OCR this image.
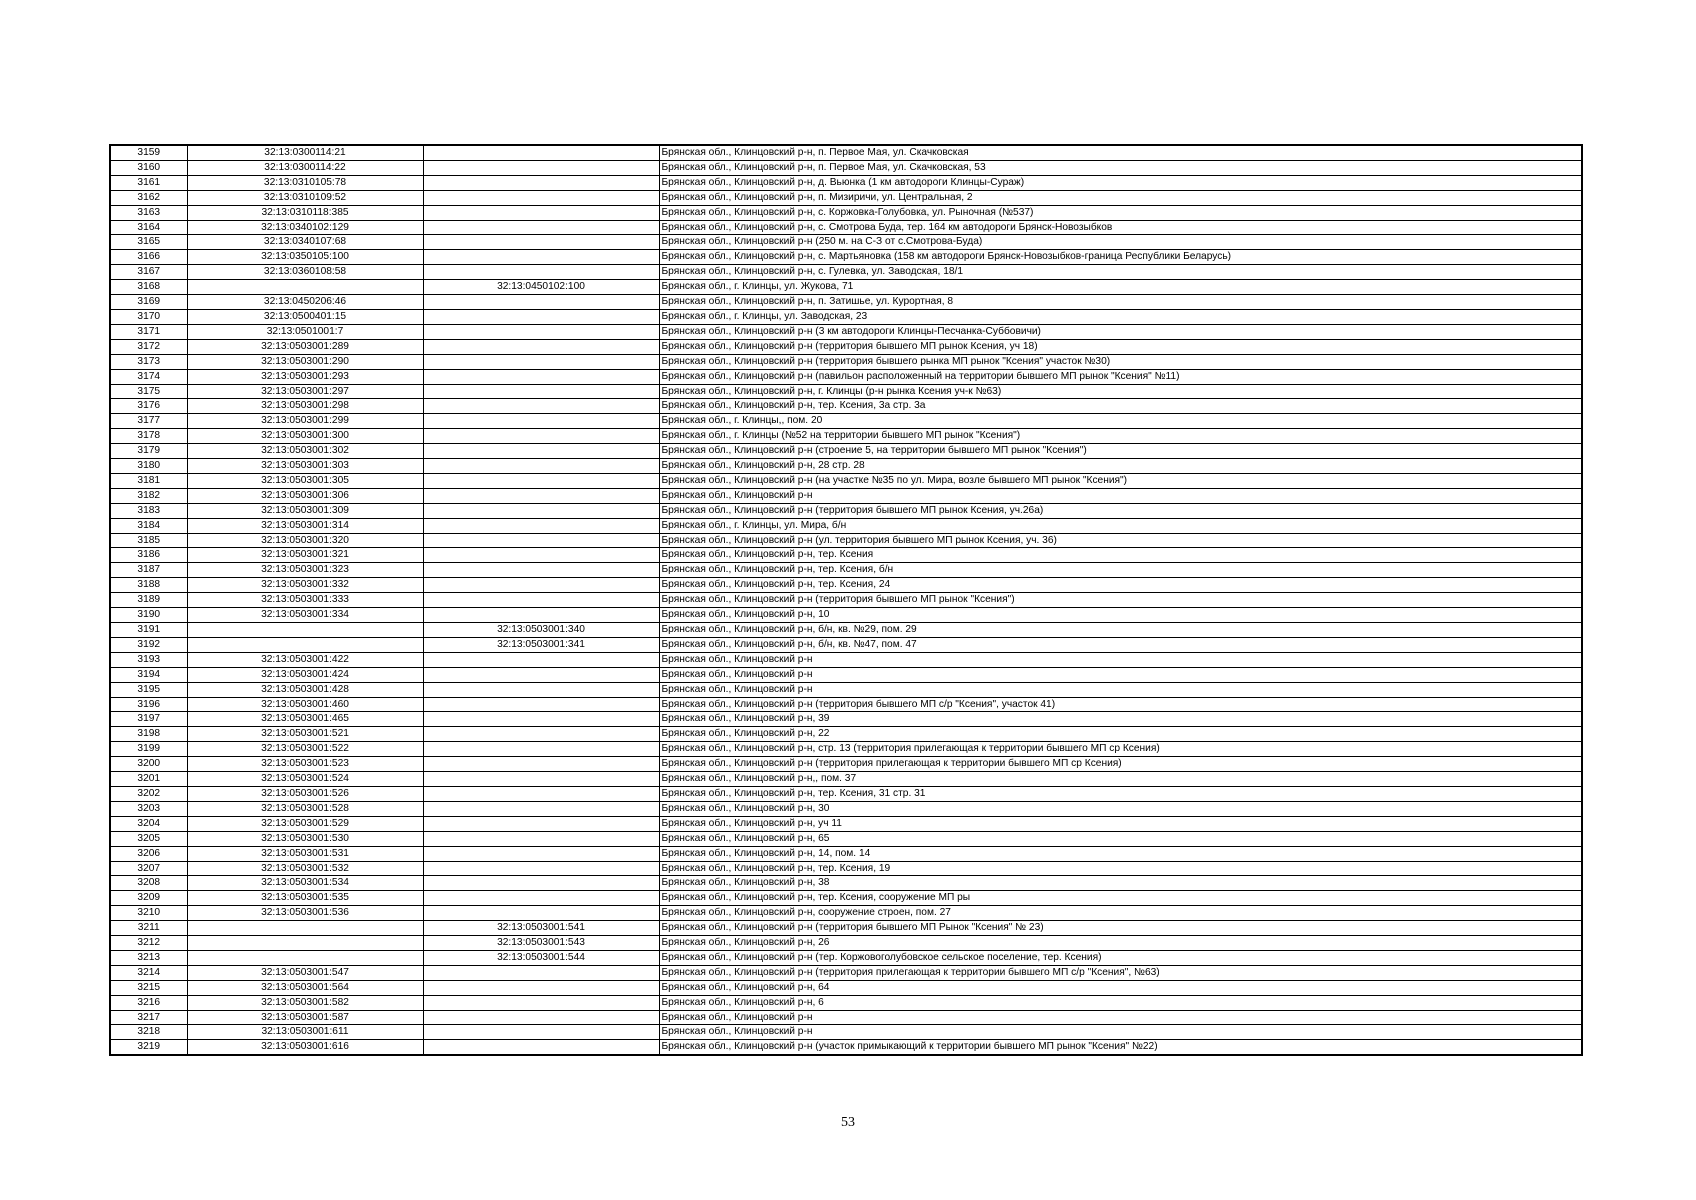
3159	32:13:0300114:21		Брянская обл., Клинцовский р-н, п. Первое Мая, ул. Скачковская
3160	32:13:0300114:22		Брянская обл., Клинцовский р-н, п. Первое Мая, ул. Скачковская, 53
3161	32:13:0310105:78		Брянская обл., Клинцовский р-н, д. Вьюнка (1 км автодороги Клинцы-Сураж)
3162	32:13:0310109:52		Брянская обл., Клинцовский р-н, п. Мизиричи, ул. Центральная, 2
3163	32:13:0310118:385		Брянская обл., Клинцовский р-н, с. Коржовка-Голубовка, ул. Рыночная (№537)
3164	32:13:0340102:129		Брянская обл., Клинцовский р-н, с. Смотрова Буда, тер. 164 км автодороги Брянск-Новозыбков
3165	32:13:0340107:68		Брянская обл., Клинцовский р-н (250 м. на С-З от с.Смотрова-Буда)
3166	32:13:0350105:100		Брянская обл., Клинцовский р-н, с. Мартьяновка (158 км автодороги Брянск-Новозыбков-граница Республики Беларусь)
3167	32:13:0360108:58		Брянская обл., Клинцовский р-н, с. Гулевка, ул. Заводская, 18/1
3168		32:13:0450102:100	Брянская обл., г. Клинцы, ул. Жукова, 71
3169	32:13:0450206:46		Брянская обл., Клинцовский р-н, п. Затишье, ул. Курортная, 8
3170	32:13:0500401:15		Брянская обл., г. Клинцы, ул. Заводская, 23
3171	32:13:0501001:7		Брянская обл., Клинцовский р-н (3 км автодороги Клинцы-Песчанка-Суббовичи)
3172	32:13:0503001:289		Брянская обл., Клинцовский р-н (территория бывшего МП рынок Ксения, уч 18)
3173	32:13:0503001:290		Брянская обл., Клинцовский р-н (территория бывшего рынка МП рынок "Ксения" участок №30)
3174	32:13:0503001:293		Брянская обл., Клинцовский р-н (павильон расположенный на территории бывшего МП рынок "Ксения" №11)
3175	32:13:0503001:297		Брянская обл., Клинцовский р-н, г. Клинцы (р-н рынка Ксения уч-к №63)
3176	32:13:0503001:298		Брянская обл., Клинцовский р-н, тер. Ксения, 3а стр. 3а
3177	32:13:0503001:299		Брянская обл., г. Клинцы,, пом. 20
3178	32:13:0503001:300		Брянская обл., г. Клинцы (№52 на территории бывшего МП рынок "Ксения")
3179	32:13:0503001:302		Брянская обл., Клинцовский р-н (строение 5, на территории бывшего МП рынок "Ксения")
3180	32:13:0503001:303		Брянская обл., Клинцовский р-н, 28 стр. 28
3181	32:13:0503001:305		Брянская обл., Клинцовский р-н (на участке №35 по ул. Мира, возле бывшего МП рынок "Ксения")
3182	32:13:0503001:306		Брянская обл., Клинцовский р-н
3183	32:13:0503001:309		Брянская обл., Клинцовский р-н (территория бывшего МП рынок Ксения, уч.26а)
3184	32:13:0503001:314		Брянская обл., г. Клинцы, ул. Мира, б/н
3185	32:13:0503001:320		Брянская обл., Клинцовский р-н (ул. территория бывшего МП рынок Ксения, уч. 36)
3186	32:13:0503001:321		Брянская обл., Клинцовский р-н, тер. Ксения
3187	32:13:0503001:323		Брянская обл., Клинцовский р-н, тер. Ксения, б/н
3188	32:13:0503001:332		Брянская обл., Клинцовский р-н, тер. Ксения, 24
3189	32:13:0503001:333		Брянская обл., Клинцовский р-н (территория бывшего МП рынок "Ксения")
3190	32:13:0503001:334		Брянская обл., Клинцовский р-н, 10
3191		32:13:0503001:340	Брянская обл., Клинцовский р-н, б/н, кв. №29, пом. 29
3192		32:13:0503001:341	Брянская обл., Клинцовский р-н, б/н, кв. №47, пом. 47
3193	32:13:0503001:422		Брянская обл., Клинцовский р-н
3194	32:13:0503001:424		Брянская обл., Клинцовский р-н
3195	32:13:0503001:428		Брянская обл., Клинцовский р-н
3196	32:13:0503001:460		Брянская обл., Клинцовский р-н (территория бывшего МП с/р "Ксения", участок 41)
3197	32:13:0503001:465		Брянская обл., Клинцовский р-н, 39
3198	32:13:0503001:521		Брянская обл., Клинцовский р-н, 22
3199	32:13:0503001:522		Брянская обл., Клинцовский р-н, стр. 13 (территория прилегающая к территории бывшего МП ср Ксения)
3200	32:13:0503001:523		Брянская обл., Клинцовский р-н (территория прилегающая к территории бывшего МП ср Ксения)
3201	32:13:0503001:524		Брянская обл., Клинцовский р-н,, пом. 37
3202	32:13:0503001:526		Брянская обл., Клинцовский р-н, тер. Ксения, 31 стр. 31
3203	32:13:0503001:528		Брянская обл., Клинцовский р-н, 30
3204	32:13:0503001:529		Брянская обл., Клинцовский р-н, уч 11
3205	32:13:0503001:530		Брянская обл., Клинцовский р-н, 65
3206	32:13:0503001:531		Брянская обл., Клинцовский р-н, 14, пом. 14
3207	32:13:0503001:532		Брянская обл., Клинцовский р-н, тер. Ксения, 19
3208	32:13:0503001:534		Брянская обл., Клинцовский р-н, 38
3209	32:13:0503001:535		Брянская обл., Клинцовский р-н, тер. Ксения, сооружение МП ры
3210	32:13:0503001:536		Брянская обл., Клинцовский р-н, сооружение строен, пом. 27
3211		32:13:0503001:541	Брянская обл., Клинцовский р-н (территория бывшего МП Рынок "Ксения" № 23)
3212		32:13:0503001:543	Брянская обл., Клинцовский р-н, 26
3213		32:13:0503001:544	Брянская обл., Клинцовский р-н (тер. Коржовоголубовское сельское поселение, тер. Ксения)
3214	32:13:0503001:547		Брянская обл., Клинцовский р-н (территория прилегающая к территории бывшего МП с/р "Ксения", №63)
3215	32:13:0503001:564		Брянская обл., Клинцовский р-н, 64
3216	32:13:0503001:582		Брянская обл., Клинцовский р-н, 6
3217	32:13:0503001:587		Брянская обл., Клинцовский р-н
3218	32:13:0503001:611		Брянская обл., Клинцовский р-н
3219	32:13:0503001:616		Брянская обл., Клинцовский р-н (участок примыкающий к территории бывшего МП рынок "Ксения" №22)
53
